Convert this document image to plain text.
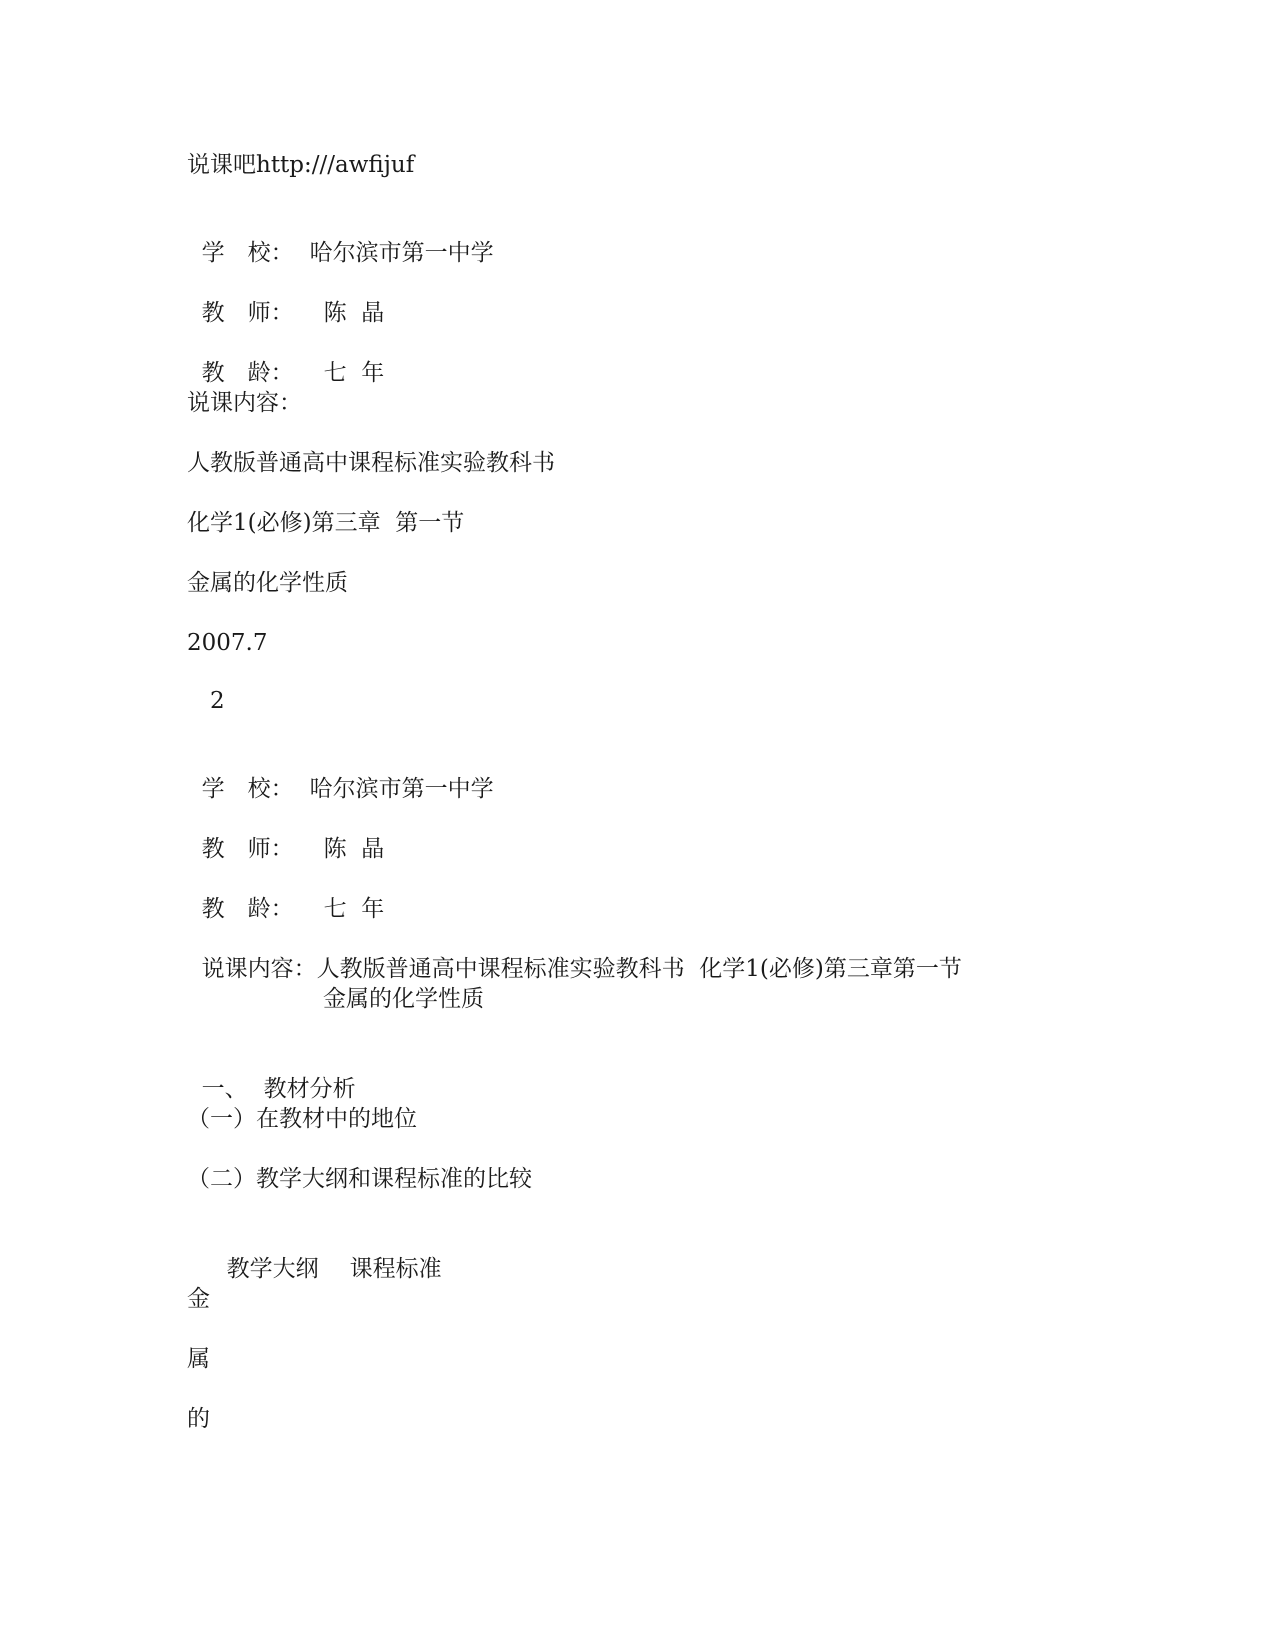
说课吧http:///awfijuf

学　校： 哈尔滨市第一中学

教　师： 陈  晶

教　龄： 七  年

说课内容：
人教版普通高中课程标准实验教科书
化学1(必修)第三章  第一节
金属的化学性质
2007.7
2

学　校： 哈尔滨市第一中学

教　师： 陈  晶

教　龄： 七  年

说课内容：人教版普通高中课程标准实验教科书  化学1(必修)第三章第一节

金属的化学性质

一、 教材分析

（一）在教材中的地位
（二）教学大纲和课程标准的比较

教学大纲 课程标准

金
属
的
